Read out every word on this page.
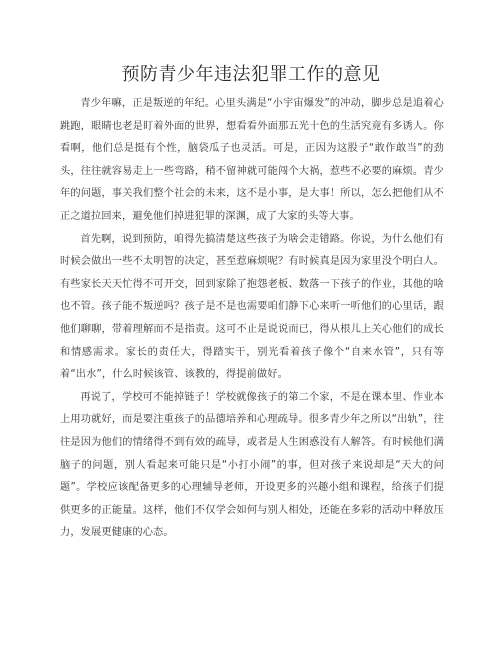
预防青少年违法犯罪工作的意见

青少年嘛，正是叛逆的年纪。心里头满是“小宇宙爆发”的冲动，脚步总是追着心跳跑，眼睛也老是盯着外面的世界，想看看外面那五光十色的生活究竟有多诱人。你看啊，他们总是挺有个性，脑袋瓜子也灵活。可是，正因为这股子“敢作敢当”的劲头，往往就容易走上一些弯路，稍不留神就可能闯个大祸，惹些不必要的麻烦。青少年的问题，事关我们整个社会的未来，这不是小事，是大事！所以，怎么把他们从不正之道拉回来，避免他们掉进犯罪的深渊，成了大家的头等大事。

首先啊，说到预防，咱得先搞清楚这些孩子为啥会走错路。你说，为什么他们有时候会做出一些不太明智的决定，甚至惹麻烦呢？有时候真是因为家里没个明白人。有些家长天天忙得不可开交，回到家除了抱怨老板、数落一下孩子的作业，其他的啥也不管。孩子能不叛逆吗？孩子是不是也需要咱们静下心来听一听他们的心里话，跟他们聊聊，带着理解而不是指责。这可不止是说说而已，得从根儿上关心他们的成长和情感需求。家长的责任大，得踏实干，别光看着孩子像个“自来水管”，只有等着“出水”，什么时候该管、该教的，得提前做好。

再说了，学校可不能掉链子！学校就像孩子的第二个家，不是在课本里、作业本上用功就好，而是要注重孩子的品德培养和心理疏导。很多青少年之所以“出轨”，往往是因为他们的情绪得不到有效的疏导，或者是人生困惑没有人解答。有时候他们满脑子的问题，别人看起来可能只是“小打小闹”的事，但对孩子来说却是“天大的问题”。学校应该配备更多的心理辅导老师，开设更多的兴趣小组和课程，给孩子们提供更多的正能量。这样，他们不仅学会如何与别人相处，还能在多彩的活动中释放压力，发展更健康的心态。
